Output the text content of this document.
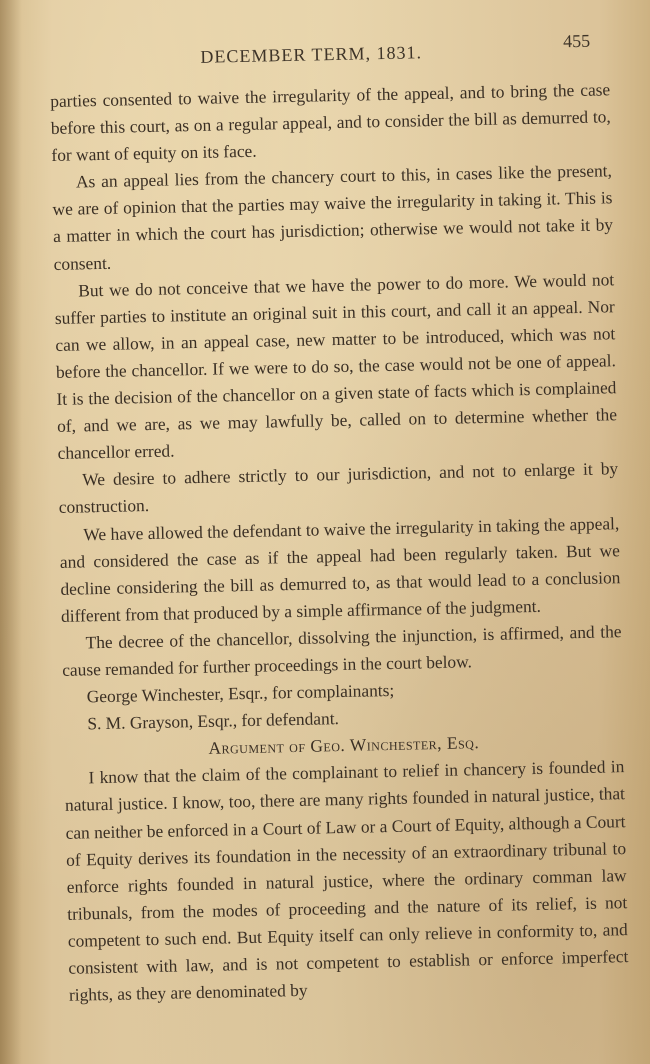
DECEMBER TERM, 1831.
455

parties consented to waive the irregularity of the appeal, and to bring the case before this court, as on a regular appeal, and to consider the bill as demurred to, for want of equity on its face.

As an appeal lies from the chancery court to this, in cases like the present, we are of opinion that the parties may waive the irregularity in taking it. This is a matter in which the court has jurisdiction; otherwise we would not take it by consent.

But we do not conceive that we have the power to do more. We would not suffer parties to institute an original suit in this court, and call it an appeal. Nor can we allow, in an appeal case, new matter to be introduced, which was not before the chancellor. If we were to do so, the case would not be one of appeal. It is the decision of the chancellor on a given state of facts which is complained of, and we are, as we may lawfully be, called on to determine whether the chancellor erred.

We desire to adhere strictly to our jurisdiction, and not to enlarge it by construction.

We have allowed the defendant to waive the irregularity in taking the appeal, and considered the case as if the appeal had been regularly taken. But we decline considering the bill as demurred to, as that would lead to a conclusion different from that produced by a simple affirmance of the judgment.

The decree of the chancellor, dissolving the injunction, is affirmed, and the cause remanded for further proceedings in the court below.

George Winchester, Esqr., for complainants;

S. M. Grayson, Esqr., for defendant.

Argument of Geo. Winchester, Esq.

I know that the claim of the complainant to relief in chancery is founded in natural justice. I know, too, there are many rights founded in natural justice, that can neither be enforced in a Court of Law or a Court of Equity, although a Court of Equity derives its foundation in the necessity of an extraordinary tribunal to enforce rights founded in natural justice, where the ordinary comman law tribunals, from the modes of proceeding and the nature of its relief, is not competent to such end. But Equity itself can only relieve in conformity to, and consistent with law, and is not competent to establish or enforce imperfect rights, as they are denominated by
